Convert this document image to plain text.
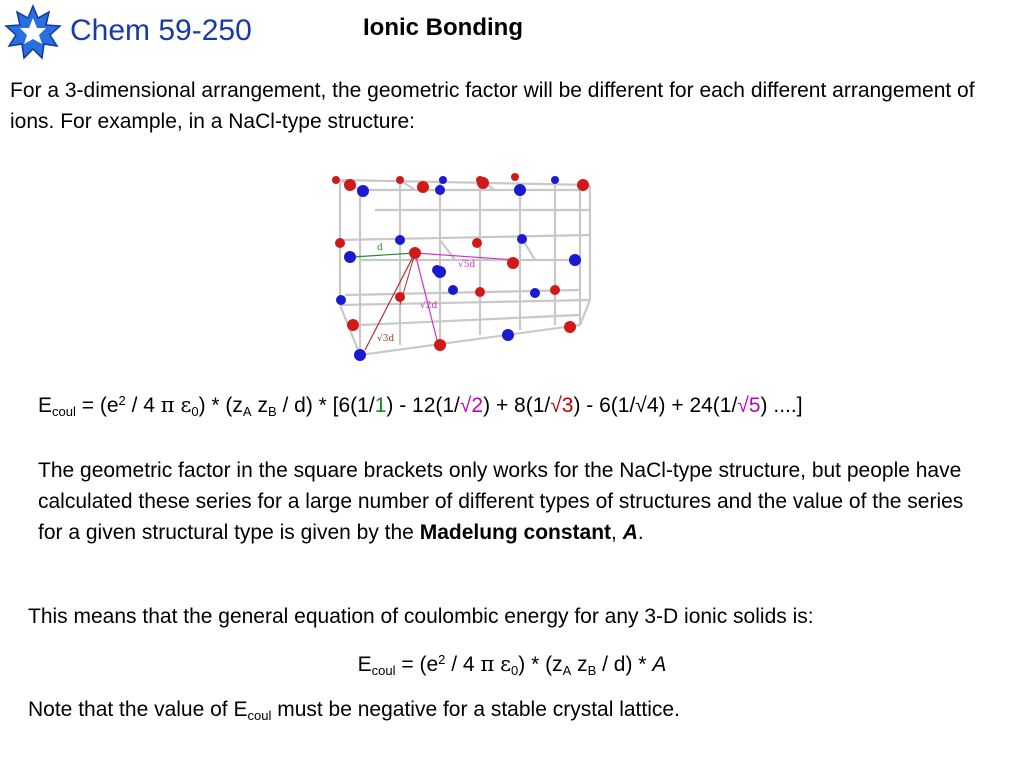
Chem 59-250	Ionic Bonding
For a 3-dimensional arrangement, the geometric factor will be different for each different arrangement of ions. For example, in a NaCl-type structure:
d
√5d
√2d
√3d
$E_{coul} = (e^2 / 4$ π $\varepsilon_0) * (z_A$ $z_B / d) * [6(1/1) - 12(1/√2) + 8(1/√3) - 6(1/√4) + 24(1/√5)$ ....]
The geometric factor in the square brackets only works for the NaCl-type structure, but people have calculated these series for a large number of different types of structures and the value of the series for a given structural type is given by the Madelung constant, A.
This means that the general equation of coulombic energy for any 3-D ionic solids is:
$E_{coul} = (e^2 / 4$ π $\varepsilon_0) * (z_A$ $z_B / d$) * A
Note that the value of $E_{coul}$ must be negative for a stable crystal lattice.
